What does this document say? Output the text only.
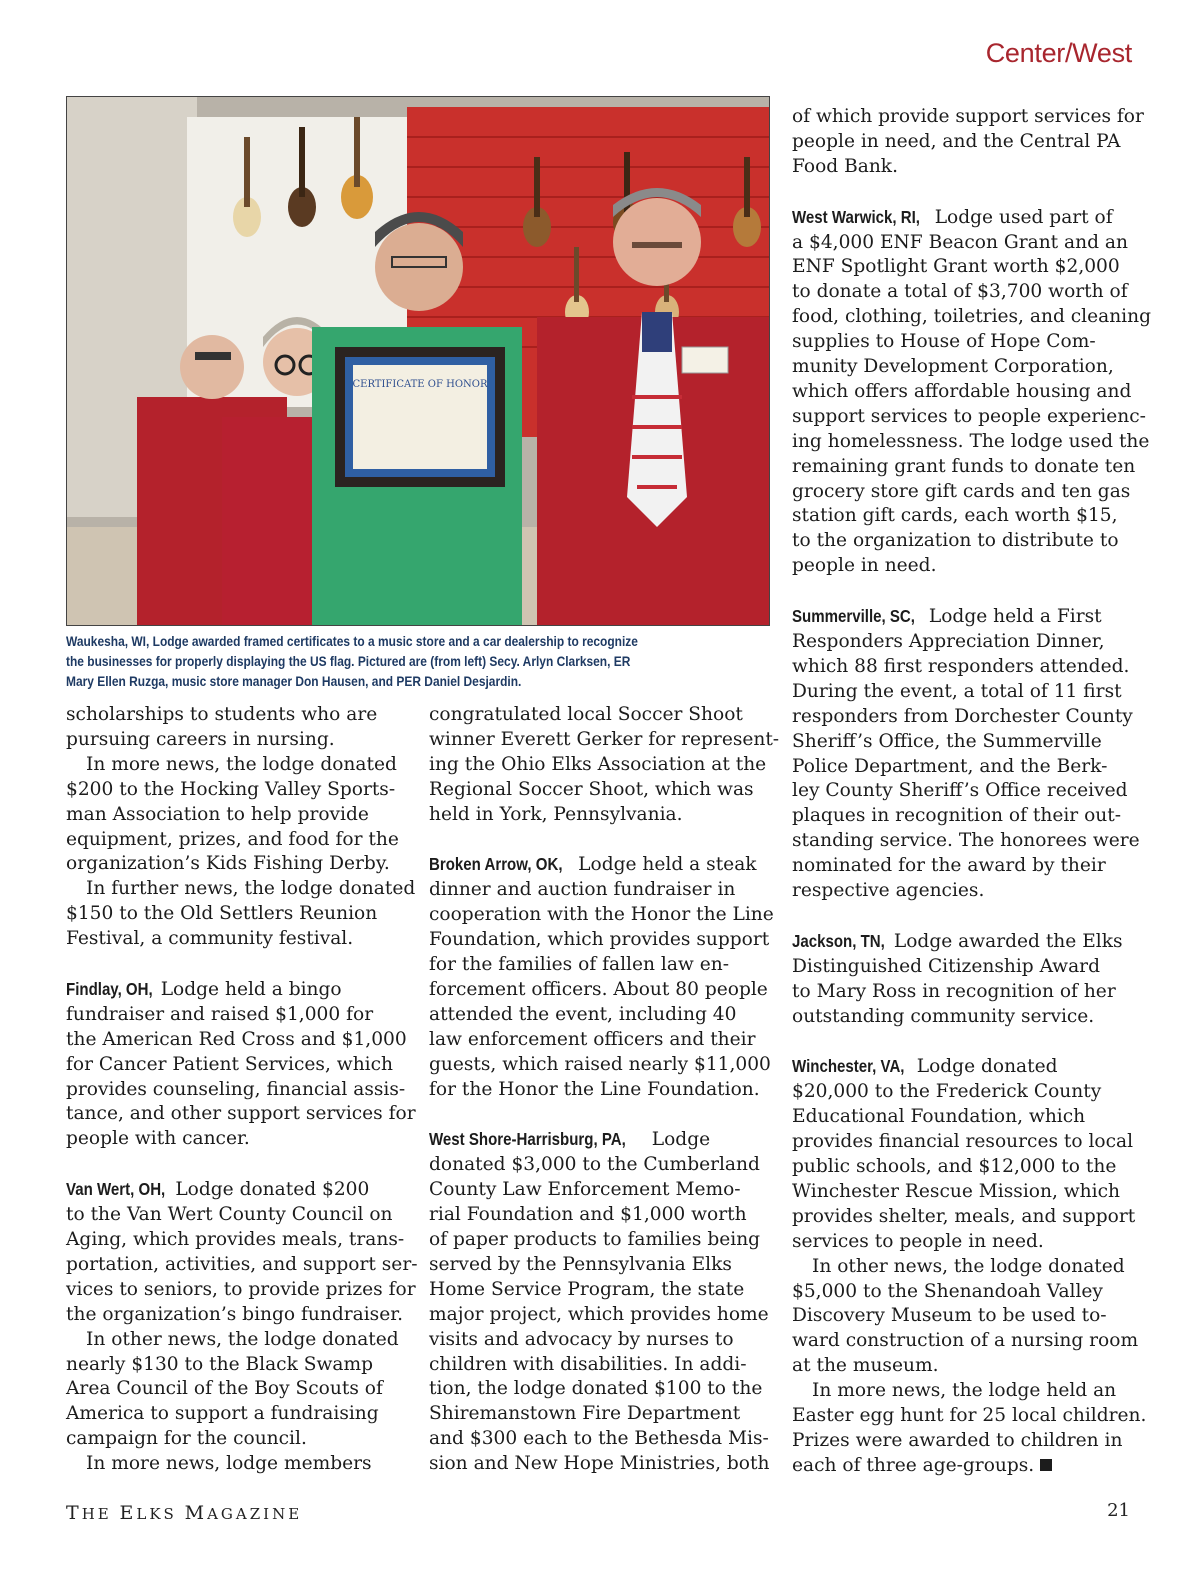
Center/West
CERTIFICATE OF HONOR
Waukesha, WI, Lodge awarded framed certificates to a music store and a car dealership to recognize
the businesses for properly displaying the US flag. Pictured are (from left) Secy. Arlyn Clarksen, ER
Mary Ellen Ruzga, music store manager Don Hausen, and PER Daniel Desjardin.

scholarships to students who are

pursuing careers in nursing.

In more news, the lodge donated

$200 to the Hocking Valley Sports-

man Association to help provide

equipment, prizes, and food for the

organization’s Kids Fishing Derby.

In further news, the lodge donated

$150 to the Old Settlers Reunion

Festival, a community festival.

Findlay, OH, Lodge held a bingo

fundraiser and raised $1,000 for

the American Red Cross and $1,000

for Cancer Patient Services, which

provides counseling, financial assis-

tance, and other support services for

people with cancer.

Van Wert, OH, Lodge donated $200

to the Van Wert County Council on

Aging, which provides meals, trans-

portation, activities, and support ser-

vices to seniors, to provide prizes for

the organization’s bingo fundraiser.

In other news, the lodge donated

nearly $130 to the Black Swamp

Area Council of the Boy Scouts of

America to support a fundraising

campaign for the council.

In more news, lodge members

congratulated local Soccer Shoot

winner Everett Gerker for represent-

ing the Ohio Elks Association at the

Regional Soccer Shoot, which was

held in York, Pennsylvania.

Broken Arrow, OK, Lodge held a steak

dinner and auction fundraiser in

cooperation with the Honor the Line

Foundation, which provides support

for the families of fallen law en-

forcement officers. About 80 people

attended the event, including 40

law enforcement officers and their

guests, which raised nearly $11,000

for the Honor the Line Foundation.

West Shore-Harrisburg, PA, Lodge

donated $3,000 to the Cumberland

County Law Enforcement Memo-

rial Foundation and $1,000 worth

of paper products to families being

served by the Pennsylvania Elks

Home Service Program, the state

major project, which provides home

visits and advocacy by nurses to

children with disabilities. In addi-

tion, the lodge donated $100 to the

Shiremanstown Fire Department

and $300 each to the Bethesda Mis-

sion and New Hope Ministries, both

of which provide support services for

people in need, and the Central PA

Food Bank.

West Warwick, RI, Lodge used part of

a $4,000 ENF Beacon Grant and an

ENF Spotlight Grant worth $2,000

to donate a total of $3,700 worth of

food, clothing, toiletries, and cleaning

supplies to House of Hope Com-

munity Development Corporation,

which offers affordable housing and

support services to people experienc-

ing homelessness. The lodge used the

remaining grant funds to donate ten

grocery store gift cards and ten gas

station gift cards, each worth $15,

to the organization to distribute to

people in need.

Summerville, SC, Lodge held a First

Responders Appreciation Dinner,

which 88 first responders attended.

During the event, a total of 11 first

responders from Dorchester County

Sheriff’s Office, the Summerville

Police Department, and the Berk-

ley County Sheriff’s Office received

plaques in recognition of their out-

standing service. The honorees were

nominated for the award by their

respective agencies.

Jackson, TN, Lodge awarded the Elks

Distinguished Citizenship Award

to Mary Ross in recognition of her

outstanding community service.

Winchester, VA, Lodge donated

$20,000 to the Frederick County

Educational Foundation, which

provides financial resources to local

public schools, and $12,000 to the

Winchester Rescue Mission, which

provides shelter, meals, and support

services to people in need.

In other news, the lodge donated

$5,000 to the Shenandoah Valley

Discovery Museum to be used to-

ward construction of a nursing room

at the museum.

In more news, the lodge held an

Easter egg hunt for 25 local children.

Prizes were awarded to children in

each of three age-groups.

THE ELKS MAGAZINE	21
